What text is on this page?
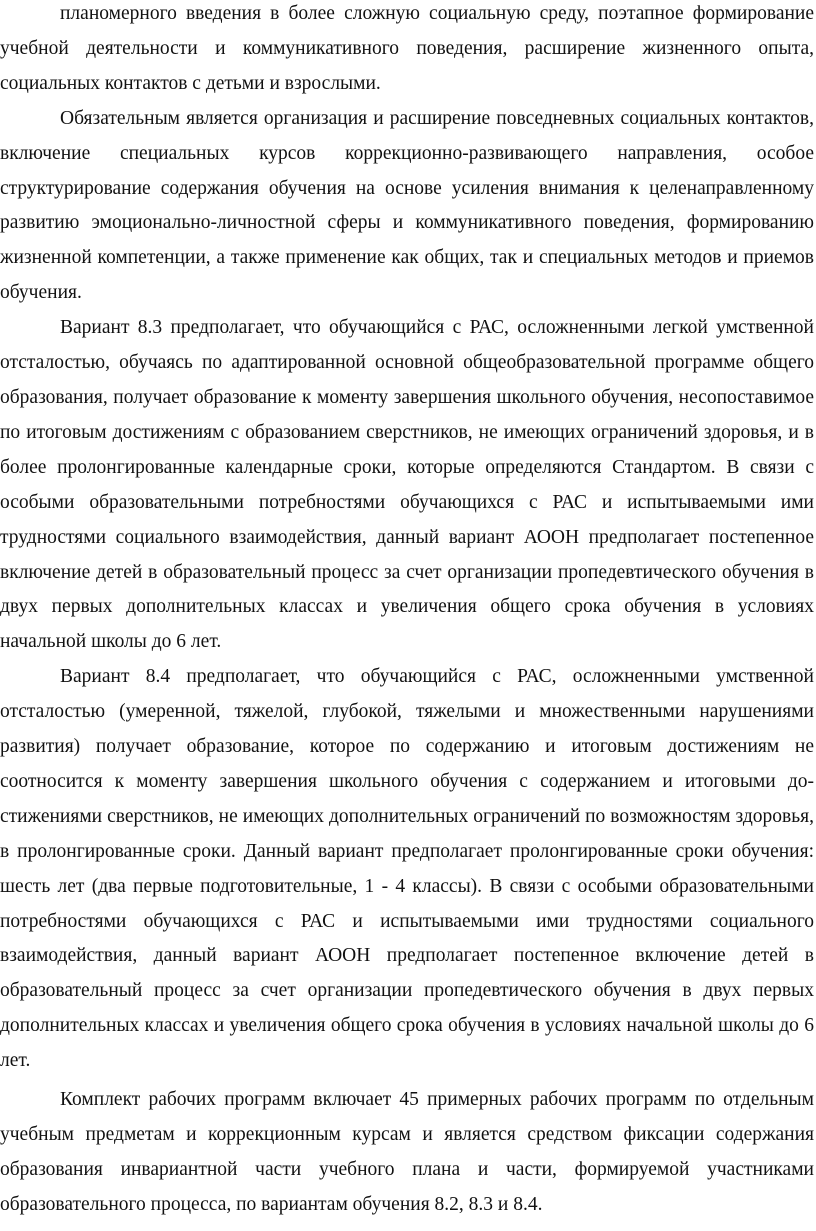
планомерного введения в более сложную социальную среду, поэтапное формирование учебной деятельности и коммуникативного поведения, расширение жизненного опыта, социальных контактов с детьми и взрослыми.

Обязательным является организация и расширение повседневных социальных контактов, включение специальных курсов коррекционно-развивающего направления, особое структурирование содержания обучения на основе усиления внимания к целенаправленному развитию эмоционально-личностной сферы и коммуникативного поведения, формированию жизненной компетенции, а также применение как общих, так и специальных методов и приемов обучения.

Вариант 8.3 предполагает, что обучающийся с РАС, осложненными легкой умственной отсталостью, обучаясь по адаптированной основной общеобразовательной программе общего образования, получает образование к моменту завершения школьного обучения, несопоставимое по итоговым достижениям с образованием сверстников, не имеющих ограничений здоровья, и в более пролонгированные календарные сроки, которые определяются Стандартом. В связи с особыми образовательными потребностями обучающихся с РАС и испытываемыми ими трудностями социального взаимодействия, данный вариант АООН предполагает постепенное включение детей в образовательный процесс за счет организации пропедевтического обучения в двух первых дополнительных классах и увеличения общего срока обучения в условиях начальной школы до 6 лет.

Вариант 8.4 предполагает, что обучающийся с РАС, осложненными умственной отсталостью (умеренной, тяжелой, глубокой, тяжелыми и множественными нарушениями развития) получает образование, которое по содержанию и итоговым достижениям не соотносится к моменту завершения школьного обучения с содержанием и итоговыми до-стижениями сверстников, не имеющих дополнительных ограничений по возможностям здоровья, в пролонгированные сроки. Данный вариант предполагает пролонгированные сроки обучения: шесть лет (два первые подготовительные, 1 - 4 классы). В связи с особыми образовательными потребностями обучающихся с РАС и испытываемыми ими трудностями социального взаимодействия, данный вариант АООН предполагает постепенное включение детей в образовательный процесс за счет организации пропедевтического обучения в двух первых дополнительных классах и увеличения общего срока обучения в условиях начальной школы до 6 лет.

Комплект рабочих программ включает 45 примерных рабочих программ по отдельным учебным предметам и коррекционным курсам и является средством фиксации содержания образования инвариантной части учебного плана и части, формируемой участниками образовательного процесса, по вариантам обучения 8.2, 8.3 и 8.4.
